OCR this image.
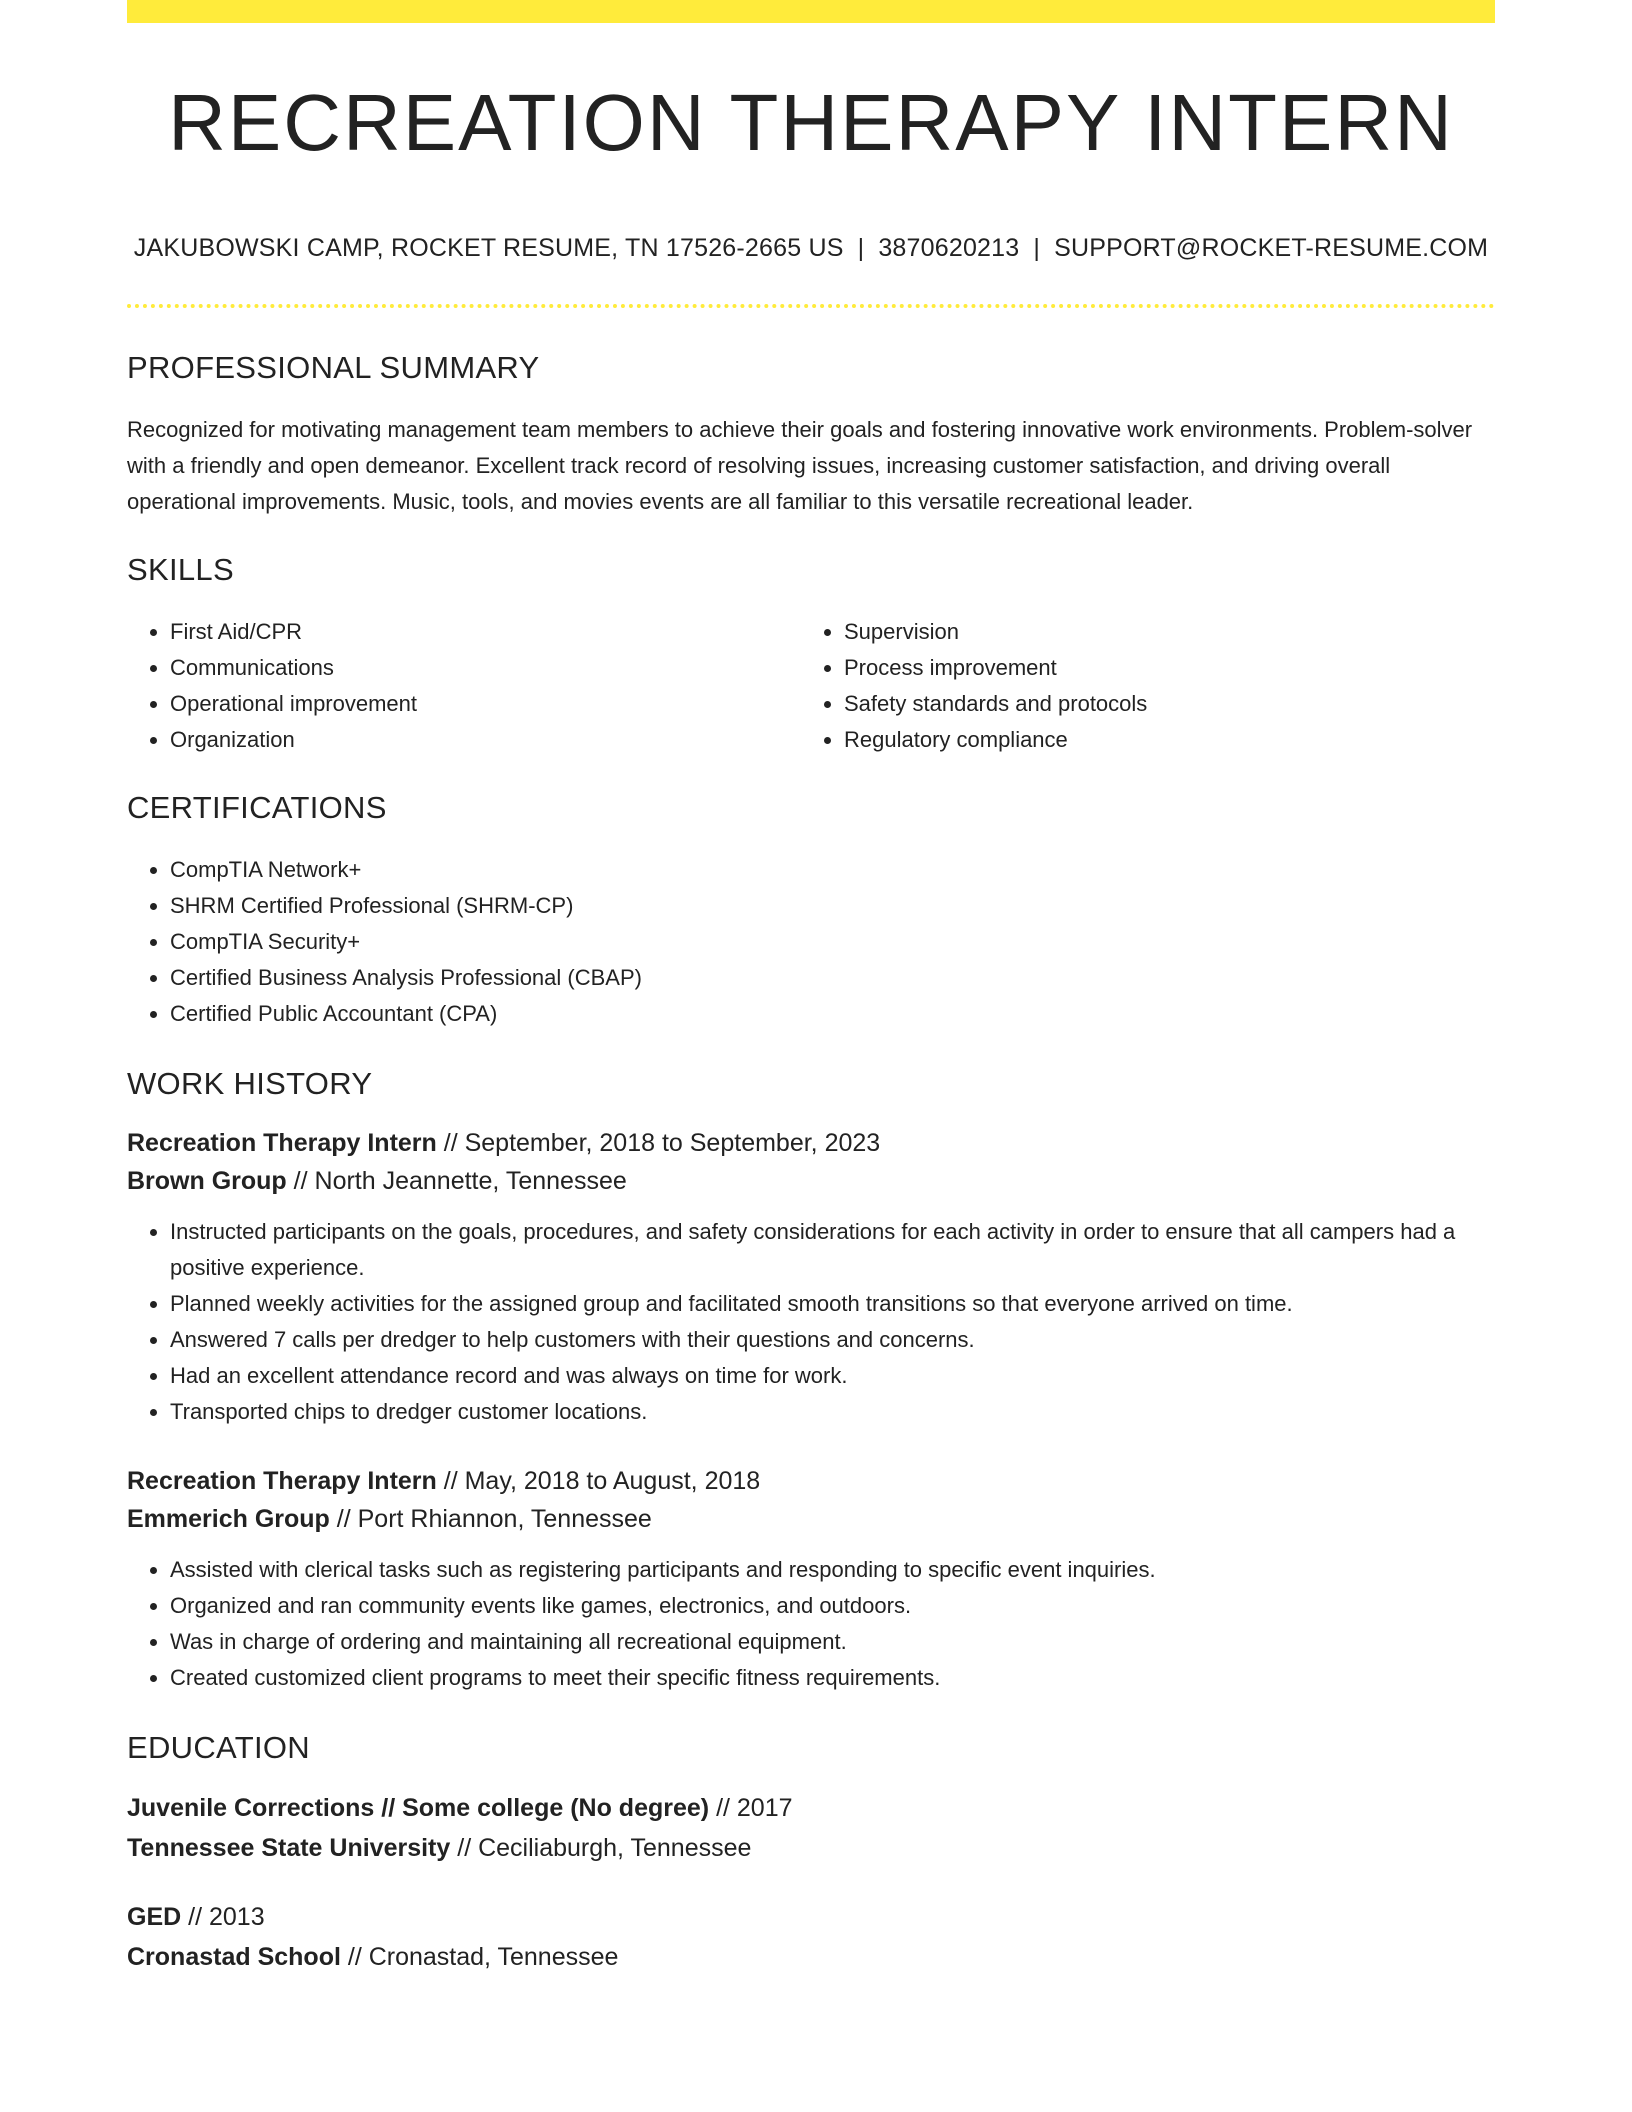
RECREATION THERAPY INTERN
JAKUBOWSKI CAMP, ROCKET RESUME, TN 17526-2665 US | 3870620213 | SUPPORT@ROCKET-RESUME.COM
PROFESSIONAL SUMMARY

Recognized for motivating management team members to achieve their goals and fostering innovative work environments. Problem-solver with a friendly and open demeanor. Excellent track record of resolving issues, increasing customer satisfaction, and driving overall operational improvements. Music, tools, and movies events are all familiar to this versatile recreational leader.

SKILLS
• First Aid/CPR
• Communications
• Operational improvement
• Organization
• Supervision
• Process improvement
• Safety standards and protocols
• Regulatory compliance
CERTIFICATIONS
• CompTIA Network+
• SHRM Certified Professional (SHRM-CP)
• CompTIA Security+
• Certified Business Analysis Professional (CBAP)
• Certified Public Accountant (CPA)
WORK HISTORY
Recreation Therapy Intern // September, 2018 to September, 2023
Brown Group // North Jeannette, Tennessee
• Instructed participants on the goals, procedures, and safety considerations for each activity in order to ensure that all campers had a positive experience.
• Planned weekly activities for the assigned group and facilitated smooth transitions so that everyone arrived on time.
• Answered 7 calls per dredger to help customers with their questions and concerns.
• Had an excellent attendance record and was always on time for work.
• Transported chips to dredger customer locations.
Recreation Therapy Intern // May, 2018 to August, 2018
Emmerich Group // Port Rhiannon, Tennessee
• Assisted with clerical tasks such as registering participants and responding to specific event inquiries.
• Organized and ran community events like games, electronics, and outdoors.
• Was in charge of ordering and maintaining all recreational equipment.
• Created customized client programs to meet their specific fitness requirements.
EDUCATION
Juvenile Corrections // Some college (No degree) // 2017
Tennessee State University // Ceciliaburgh, Tennessee
GED // 2013
Cronastad School // Cronastad, Tennessee
